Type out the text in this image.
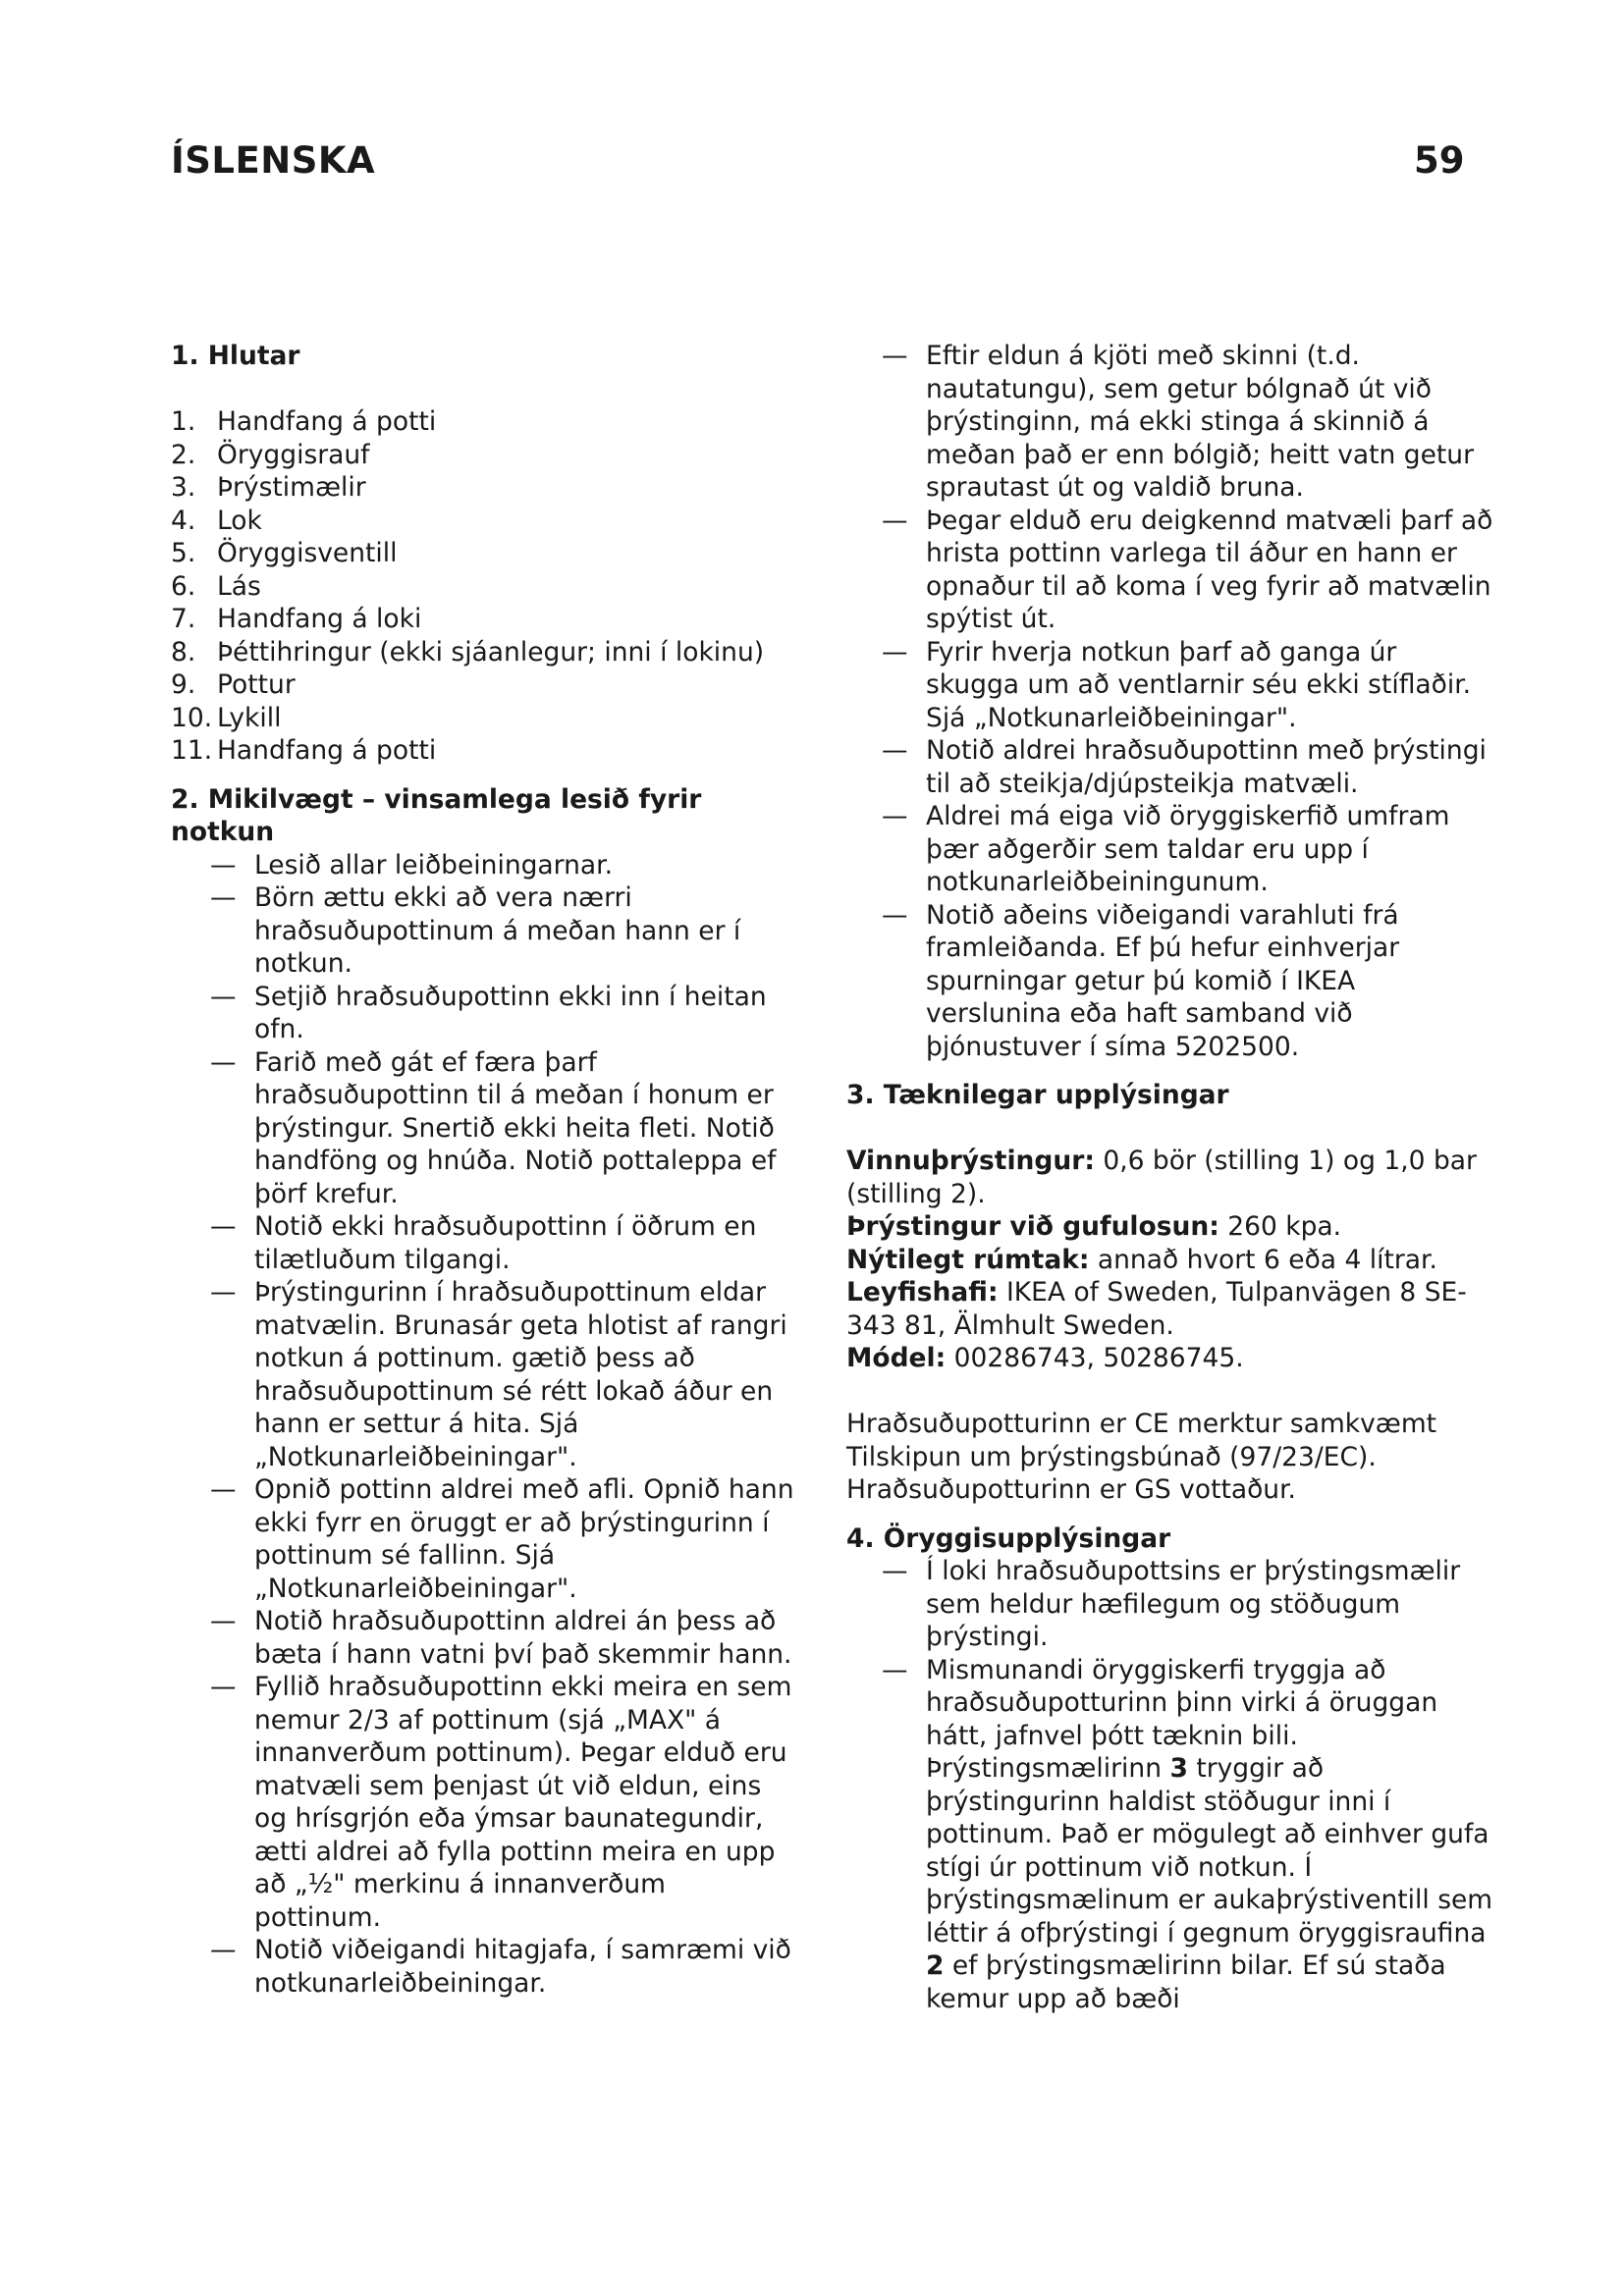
ÍSLENSKA	59

1. Hlutar

1. Handfang á potti
2. Öryggisrauf
3. Þrýstimælir
4. Lok
5. Öryggisventill
6. Lás
7. Handfang á loki
8. Þéttihringur (ekki sjáanlegur; inni í lokinu)
9. Pottur
10. Lykill
11. Handfang á potti

2. Mikilvægt – vinsamlega lesið fyrir notkun

— Lesið allar leiðbeiningarnar.
— Börn ættu ekki að vera nærri hraðsuðupottinum á meðan hann er í notkun.
— Setjið hraðsuðupottinn ekki inn í heitan ofn.
— Farið með gát ef færa þarf hraðsuðupottinn til á meðan í honum er þrýstingur. Snertið ekki heita fleti. Notið handföng og hnúða. Notið pottaleppa ef þörf krefur.
— Notið ekki hraðsuðupottinn í öðrum en tilætluðum tilgangi.
— Þrýstingurinn í hraðsuðupottinum eldar matvælin. Brunasár geta hlotist af rangri notkun á pottinum. gætið þess að hraðsuðupottinum sé rétt lokað áður en hann er settur á hita. Sjá „Notkunarleiðbeiningar".
— Opnið pottinn aldrei með afli. Opnið hann ekki fyrr en öruggt er að þrýstingurinn í pottinum sé fallinn. Sjá „Notkunarleiðbeiningar".
— Notið hraðsuðupottinn aldrei án þess að bæta í hann vatni því það skemmir hann.
— Fyllið hraðsuðupottinn ekki meira en sem nemur 2/3 af pottinum (sjá „MAX" á innanverðum pottinum). Þegar elduð eru matvæli sem þenjast út við eldun, eins og hrísgrjón eða ýmsar baunategundir, ætti aldrei að fylla pottinn meira en upp að „½" merkinu á innanverðum pottinum.
— Notið viðeigandi hitagjafa, í samræmi við notkunarleiðbeiningar.
— Eftir eldun á kjöti með skinni (t.d. nautatungu), sem getur bólgnað út við þrýstinginn, má ekki stinga á skinnið á meðan það er enn bólgið; heitt vatn getur sprautast út og valdið bruna.
— Þegar elduð eru deigkennd matvæli þarf að hrista pottinn varlega til áður en hann er opnaður til að koma í veg fyrir að matvælin spýtist út.
— Fyrir hverja notkun þarf að ganga úr skugga um að ventlarnir séu ekki stíflaðir. Sjá „Notkunarleiðbeiningar".
— Notið aldrei hraðsuðupottinn með þrýstingi til að steikja/djúpsteikja matvæli.
— Aldrei má eiga við öryggiskerfið umfram þær aðgerðir sem taldar eru upp í notkunarleiðbeiningunum.
— Notið aðeins viðeigandi varahluti frá framleiðanda. Ef þú hefur einhverjar spurningar getur þú komið í IKEA verslunina eða haft samband við þjónustuver í síma 5202500.

3. Tæknilegar upplýsingar

Vinnuþrýstingur: 0,6 bör (stilling 1) og 1,0 bar (stilling 2).

Þrýstingur við gufulosun: 260 kpa.

Nýtilegt rúmtak: annað hvort 6 eða 4 lítrar.

Leyfishafi: IKEA of Sweden, Tulpanvägen 8 SE-343 81, Älmhult Sweden.

Módel: 00286743, 50286745.

Hraðsuðupotturinn er CE merktur samkvæmt Tilskipun um þrýstingsbúnað (97/23/EC).

Hraðsuðupotturinn er GS vottaður.

4. Öryggisupplýsingar

— Í loki hraðsuðupottsins er þrýstingsmælir sem heldur hæfilegum og stöðugum þrýstingi.
— Mismunandi öryggiskerfi tryggja að hraðsuðupotturinn þinn virki á öruggan hátt, jafnvel þótt tæknin bili. Þrýstingsmælirinn 3 tryggir að þrýstingurinn haldist stöðugur inni í pottinum. Það er mögulegt að einhver gufa stígi úr pottinum við notkun. Í þrýstingsmælinum er aukaþrýstiventill sem léttir á ofþrýstingi í gegnum öryggisraufina 2 ef þrýstingsmælirinn bilar. Ef sú staða kemur upp að bæði
